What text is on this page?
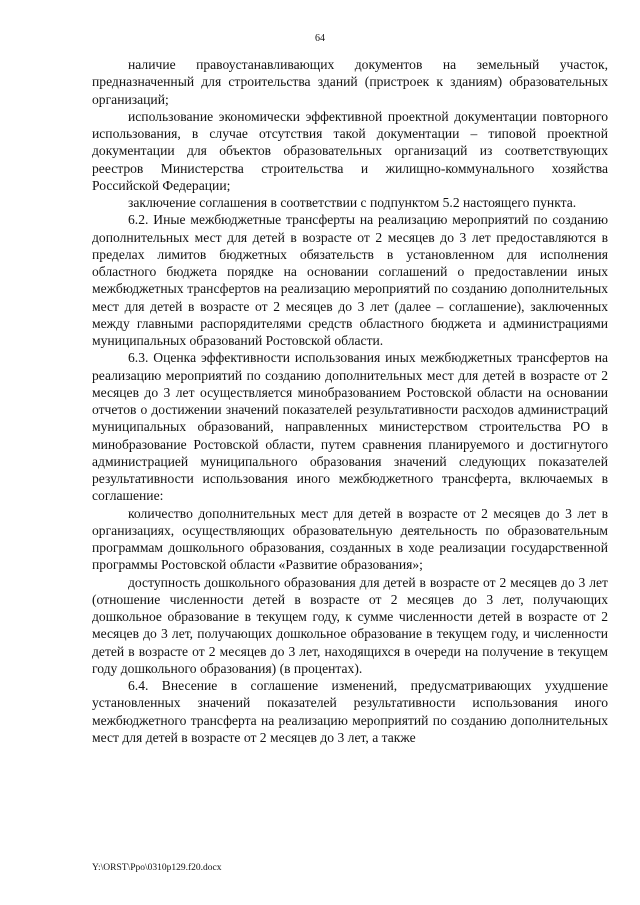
64

наличие правоустанавливающих документов на земельный участок, предназначенный для строительства зданий (пристроек к зданиям) образовательных организаций;

использование экономически эффективной проектной документации повторного использования, в случае отсутствия такой документации – типовой проектной документации для объектов образовательных организаций из соответствующих реестров Министерства строительства и жилищно-коммунального хозяйства Российской Федерации;

заключение соглашения в соответствии с подпунктом 5.2 настоящего пункта.

6.2. Иные межбюджетные трансферты на реализацию мероприятий по созданию дополнительных мест для детей в возрасте от 2 месяцев до 3 лет предоставляются в пределах лимитов бюджетных обязательств в установленном для исполнения областного бюджета порядке на основании соглашений о предоставлении иных межбюджетных трансфертов на реализацию мероприятий по созданию дополнительных мест для детей в возрасте от 2 месяцев до 3 лет (далее – соглашение), заключенных между главными распорядителями средств областного бюджета и администрациями муниципальных образований Ростовской области.

6.3. Оценка эффективности использования иных межбюджетных трансфертов на реализацию мероприятий по созданию дополнительных мест для детей в возрасте от 2 месяцев до 3 лет осуществляется минобразованием Ростовской области на основании отчетов о достижении значений показателей результативности расходов администраций муниципальных образований, направленных министерством строительства РО в минобразование Ростовской области, путем сравнения планируемого и достигнутого администрацией муниципального образования значений следующих показателей результативности использования иного межбюджетного трансферта, включаемых в соглашение:

количество дополнительных мест для детей в возрасте от 2 месяцев до 3 лет в организациях, осуществляющих образовательную деятельность по образовательным программам дошкольного образования, созданных в ходе реализации государственной программы Ростовской области «Развитие образования»;

доступность дошкольного образования для детей в возрасте от 2 месяцев до 3 лет (отношение численности детей в возрасте от 2 месяцев до 3 лет, получающих дошкольное образование в текущем году, к сумме численности детей в возрасте от 2 месяцев до 3 лет, получающих дошкольное образование в текущем году, и численности детей в возрасте от 2 месяцев до 3 лет, находящихся в очереди на получение в текущем году дошкольного образования) (в процентах).

6.4. Внесение в соглашение изменений, предусматривающих ухудшение установленных значений показателей результативности использования иного межбюджетного трансферта на реализацию мероприятий по созданию дополнительных мест для детей в возрасте от 2 месяцев до 3 лет, а также

Y:\ORST\Ppo\0310p129.f20.docx
